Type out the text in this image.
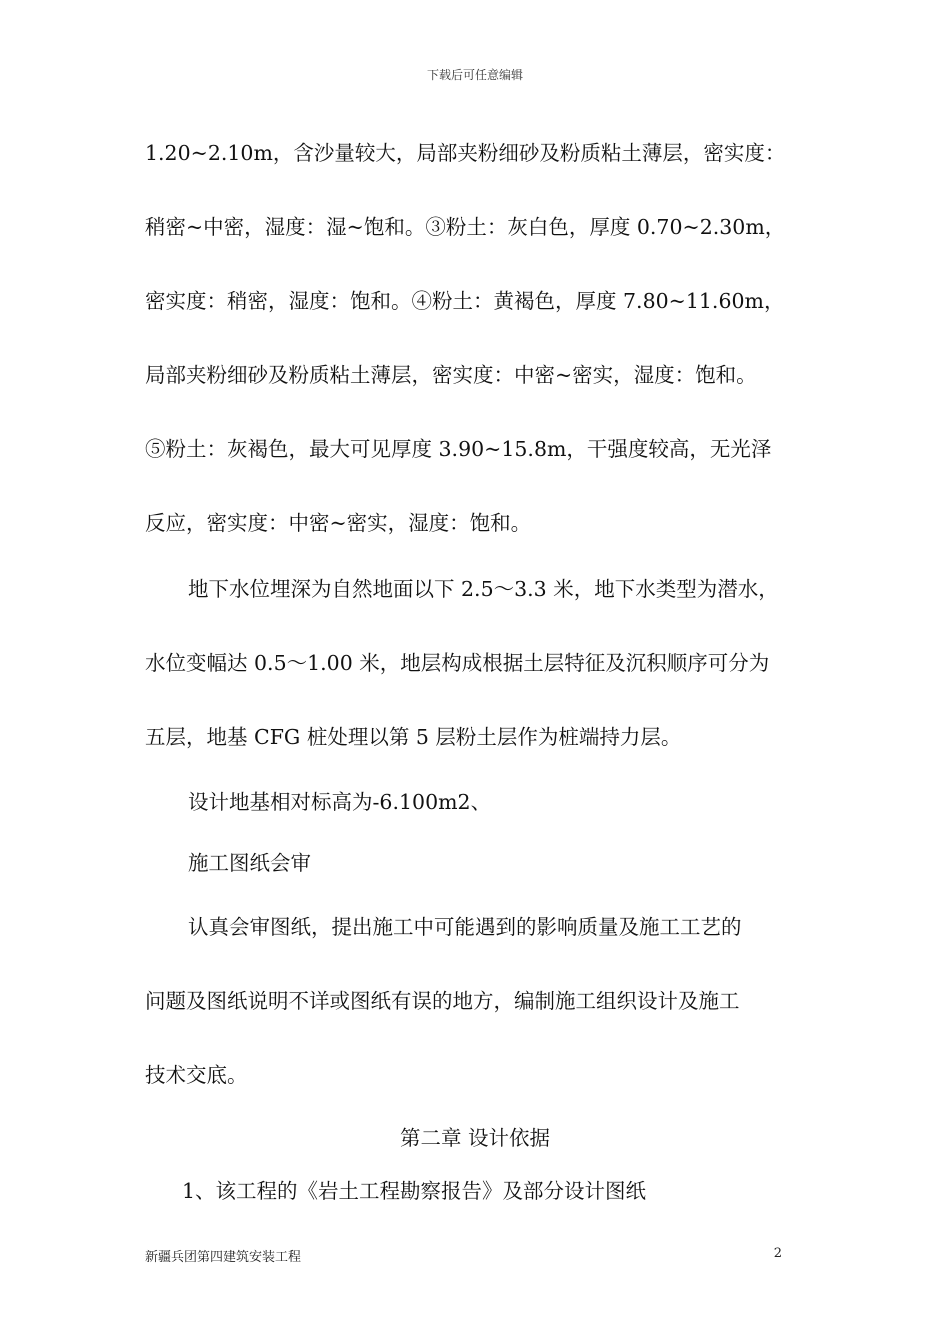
下载后可任意编辑
1.20~2.10m，含沙量较大，局部夹粉细砂及粉质粘土薄层，密实度：
稍密~中密，湿度：湿~饱和。③粉土：灰白色，厚度 0.70~2.30m，
密实度：稍密，湿度：饱和。④粉土：黄褐色，厚度 7.80~11.60m，
局部夹粉细砂及粉质粘土薄层，密实度：中密~密实，湿度：饱和。
⑤粉土：灰褐色，最大可见厚度 3.90~15.8m，干强度较高，无光泽
反应，密实度：中密~密实，湿度：饱和。
地下水位埋深为自然地面以下 2.5～3.3 米，地下水类型为潜水，
水位变幅达 0.5～1.00 米，地层构成根据土层特征及沉积顺序可分为
五层，地基 CFG 桩处理以第 5 层粉土层作为桩端持力层。
设计地基相对标高为-6.100m2、
施工图纸会审
认真会审图纸，提出施工中可能遇到的影响质量及施工工艺的
问题及图纸说明不详或图纸有误的地方，编制施工组织设计及施工
技术交底。
第二章 设计依据
1、该工程的《岩土工程勘察报告》及部分设计图纸
新疆兵团第四建筑安装工程	2
